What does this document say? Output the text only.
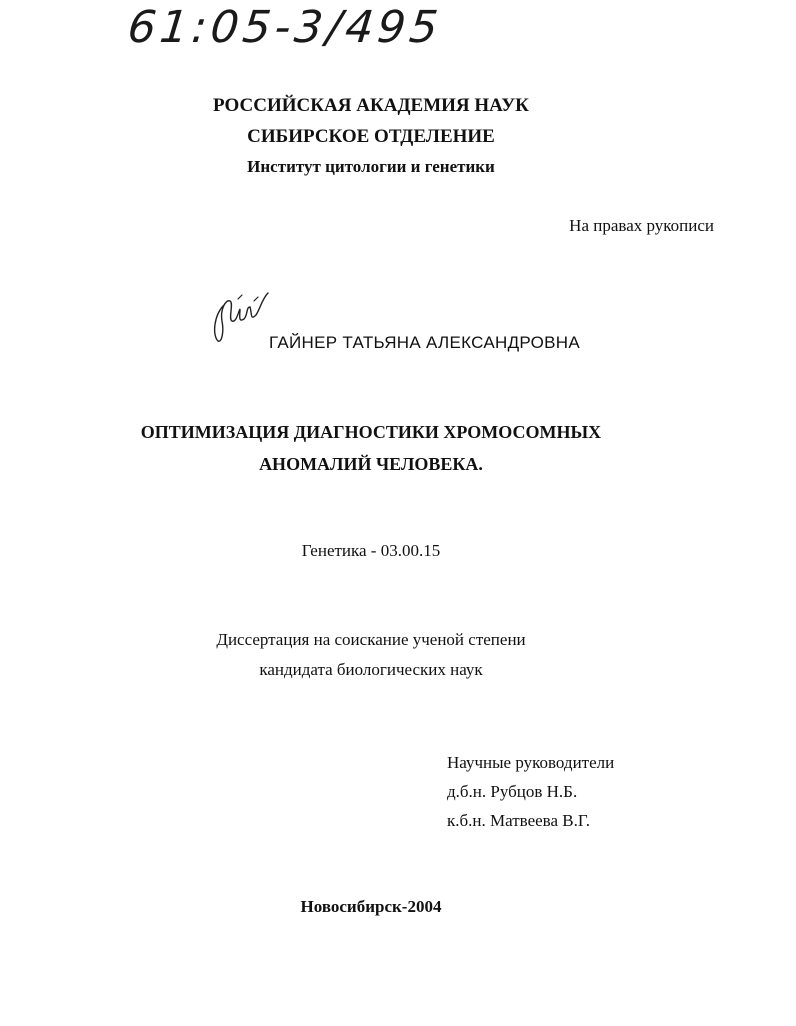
61:05-3/495
РОССИЙСКАЯ АКАДЕМИЯ НАУК
СИБИРСКОЕ ОТДЕЛЕНИЕ
Институт цитологии и генетики
На правах рукописи
ГАЙНЕР ТАТЬЯНА АЛЕКСАНДРОВНА
ОПТИМИЗАЦИЯ ДИАГНОСТИКИ ХРОМОСОМНЫХ
АНОМАЛИЙ ЧЕЛОВЕКА.
Генетика - 03.00.15
Диссертация на соискание ученой степени
кандидата биологических наук
Научные руководители
д.б.н. Рубцов Н.Б.
к.б.н. Матвеева В.Г.
Новосибирск-2004
